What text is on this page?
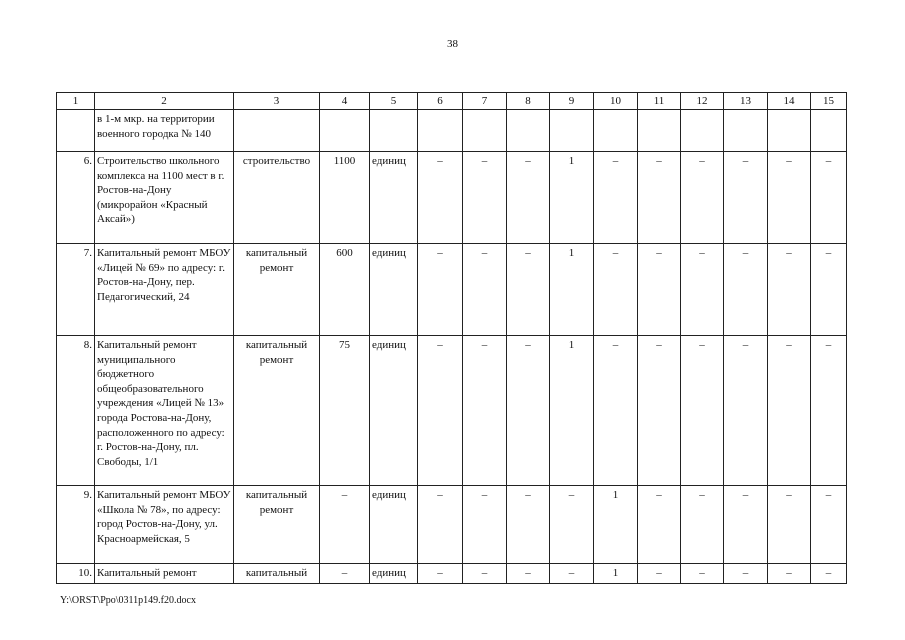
38
1	2	3	4	5	6	7	8	9	10	11	12	13	14	15
	в 1-м мкр. на территории военного городка № 140													
6.	Строительство школьного комплекса на 1100 мест в г. Ростов-на-Дону (микрорайон «Красный Аксай»)	строительство	1100	единиц	–	–	–	1	–	–	–	–	–	–
7.	Капитальный ремонт МБОУ «Лицей № 69» по адресу: г. Ростов-на-Дону, пер. Педагогический, 24	капитальный ремонт	600	единиц	–	–	–	1	–	–	–	–	–	–
8.	Капитальный ремонт муниципального бюджетного общеобразовательного учреждения «Лицей № 13» города Ростова-на-Дону, расположенного по адресу: г. Ростов-на-Дону, пл. Свободы, 1/1	капитальный ремонт	75	единиц	–	–	–	1	–	–	–	–	–	–
9.	Капитальный ремонт МБОУ «Школа № 78», по адресу: город Ростов-на-Дону, ул. Красноармейская, 5	капитальный ремонт	–	единиц	–	–	–	–	1	–	–	–	–	–
10.	Капитальный ремонт	капитальный	–	единиц	–	–	–	–	1	–	–	–	–	–
Y:\ORST\Ppo\0311p149.f20.docx
